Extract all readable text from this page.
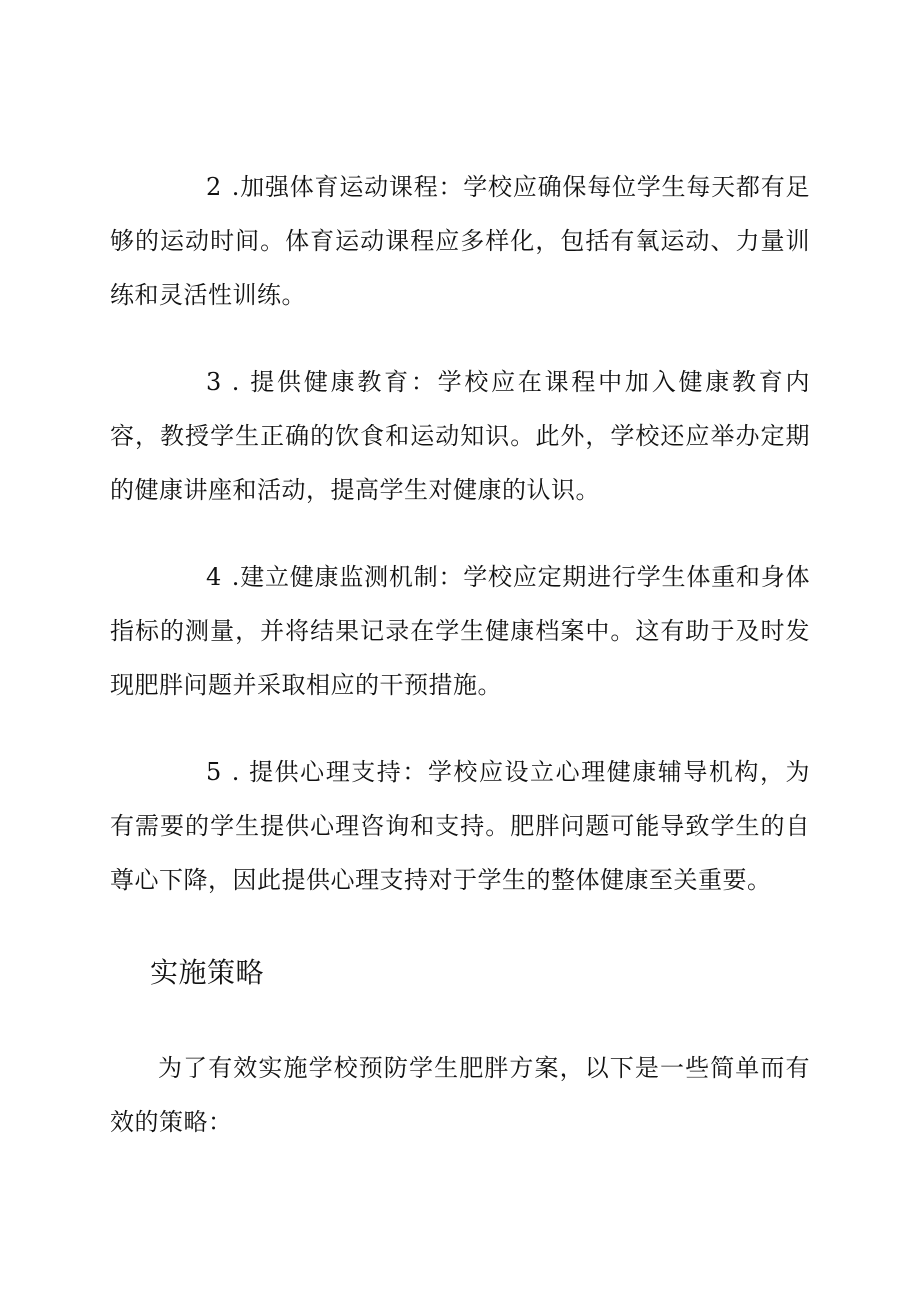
2 .加强体育运动课程：学校应确保每位学生每天都有足够的运动时间。体育运动课程应多样化，包括有氧运动、力量训练和灵活性训练。

3 . 提供健康教育：学校应在课程中加入健康教育内容，教授学生正确的饮食和运动知识。此外，学校还应举办定期的健康讲座和活动，提高学生对健康的认识。

4 .建立健康监测机制：学校应定期进行学生体重和身体指标的测量，并将结果记录在学生健康档案中。这有助于及时发现肥胖问题并采取相应的干预措施。

5 . 提供心理支持：学校应设立心理健康辅导机构，为有需要的学生提供心理咨询和支持。肥胖问题可能导致学生的自尊心下降，因此提供心理支持对于学生的整体健康至关重要。

实施策略

为了有效实施学校预防学生肥胖方案，以下是一些简单而有效的策略：
